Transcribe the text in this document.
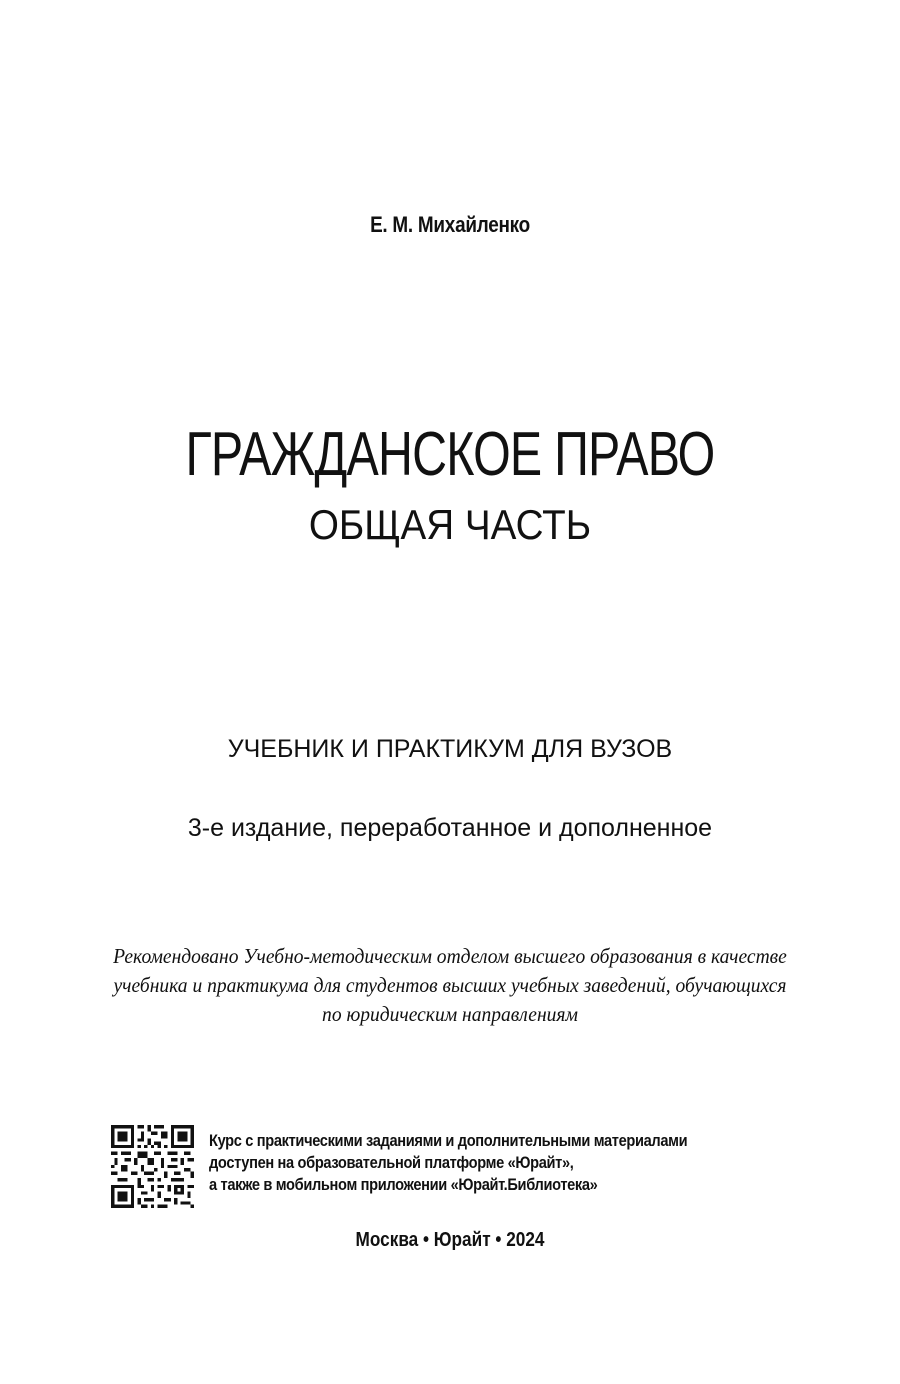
Е. М. Михайленко
ГРАЖДАНСКОЕ ПРАВО
ОБЩАЯ ЧАСТЬ
УЧЕБНИК И ПРАКТИКУМ ДЛЯ ВУЗОВ
3-е издание, переработанное и дополненное
Рекомендовано Учебно-методическим отделом высшего образования в качестве
учебника и практикума для студентов высших учебных заведений, обучающихся
по юридическим направлениям
Курс с практическими заданиями и дополнительными материалами
доступен на образовательной платформе «Юрайт»,
а также в мобильном приложении «Юрайт.Библиотека»
Москва • Юрайт • 2024
